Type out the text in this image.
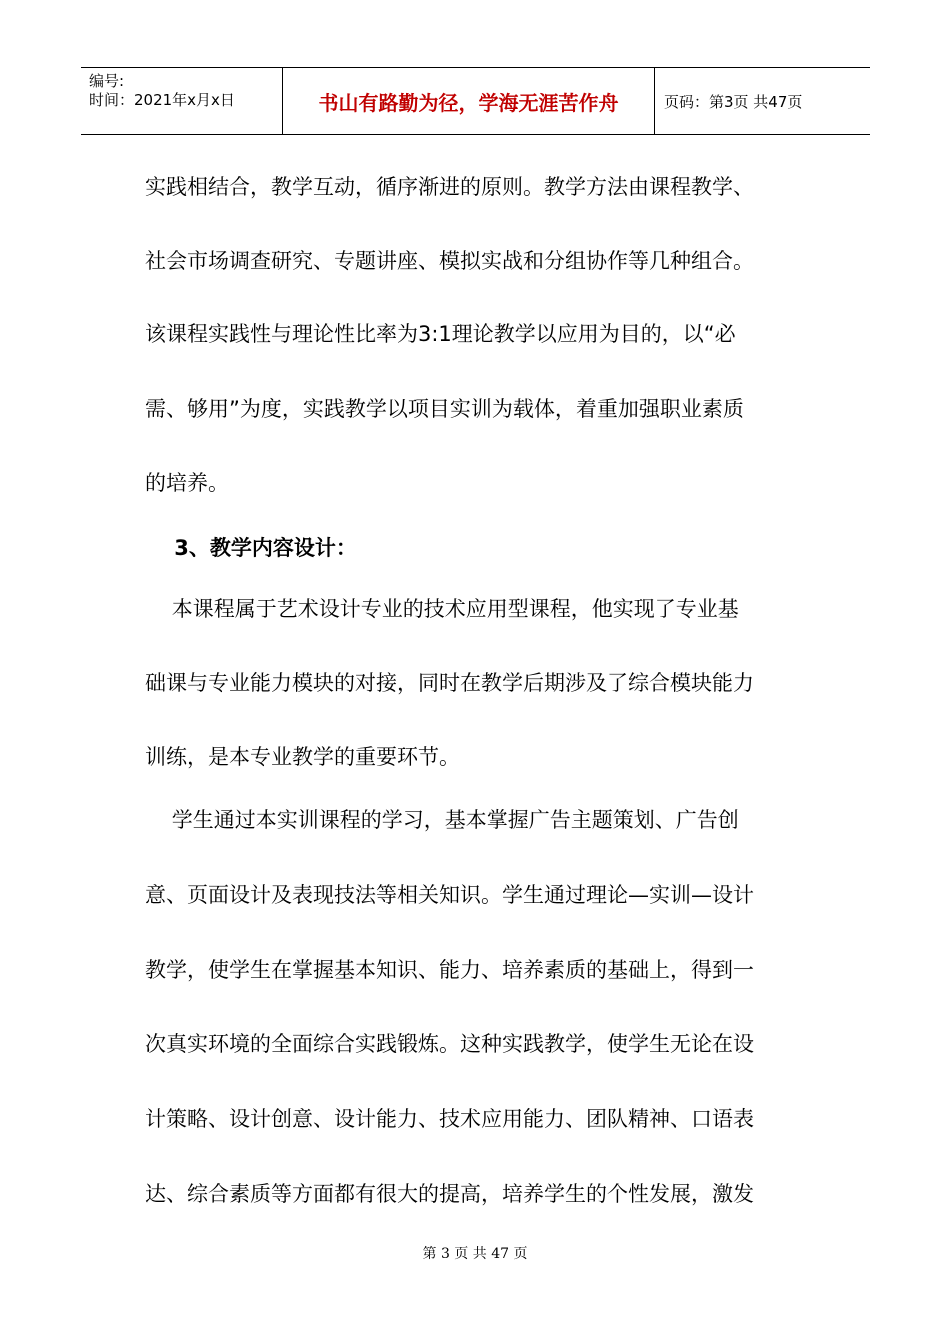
编号:
时间：2021年x月x日	书山有路勤为径，学海无涯苦作舟	页码：第3页 共47页
实践相结合，教学互动，循序渐进的原则。教学方法由课程教学、
社会市场调查研究、专题讲座、模拟实战和分组协作等几种组合。
该课程实践性与理论性比率为3:1理论教学以应用为目的，以“必
需、够用”为度，实践教学以项目实训为载体，着重加强职业素质
的培养。
3、教学内容设计：
本课程属于艺术设计专业的技术应用型课程，他实现了专业基
础课与专业能力模块的对接，同时在教学后期涉及了综合模块能力
训练，是本专业教学的重要环节。
学生通过本实训课程的学习，基本掌握广告主题策划、广告创
意、页面设计及表现技法等相关知识。学生通过理论—实训—设计
教学，使学生在掌握基本知识、能力、培养素质的基础上，得到一
次真实环境的全面综合实践锻炼。这种实践教学，使学生无论在设
计策略、设计创意、设计能力、技术应用能力、团队精神、口语表
达、综合素质等方面都有很大的提高，培养学生的个性发展，激发
第 3 页 共 47 页
